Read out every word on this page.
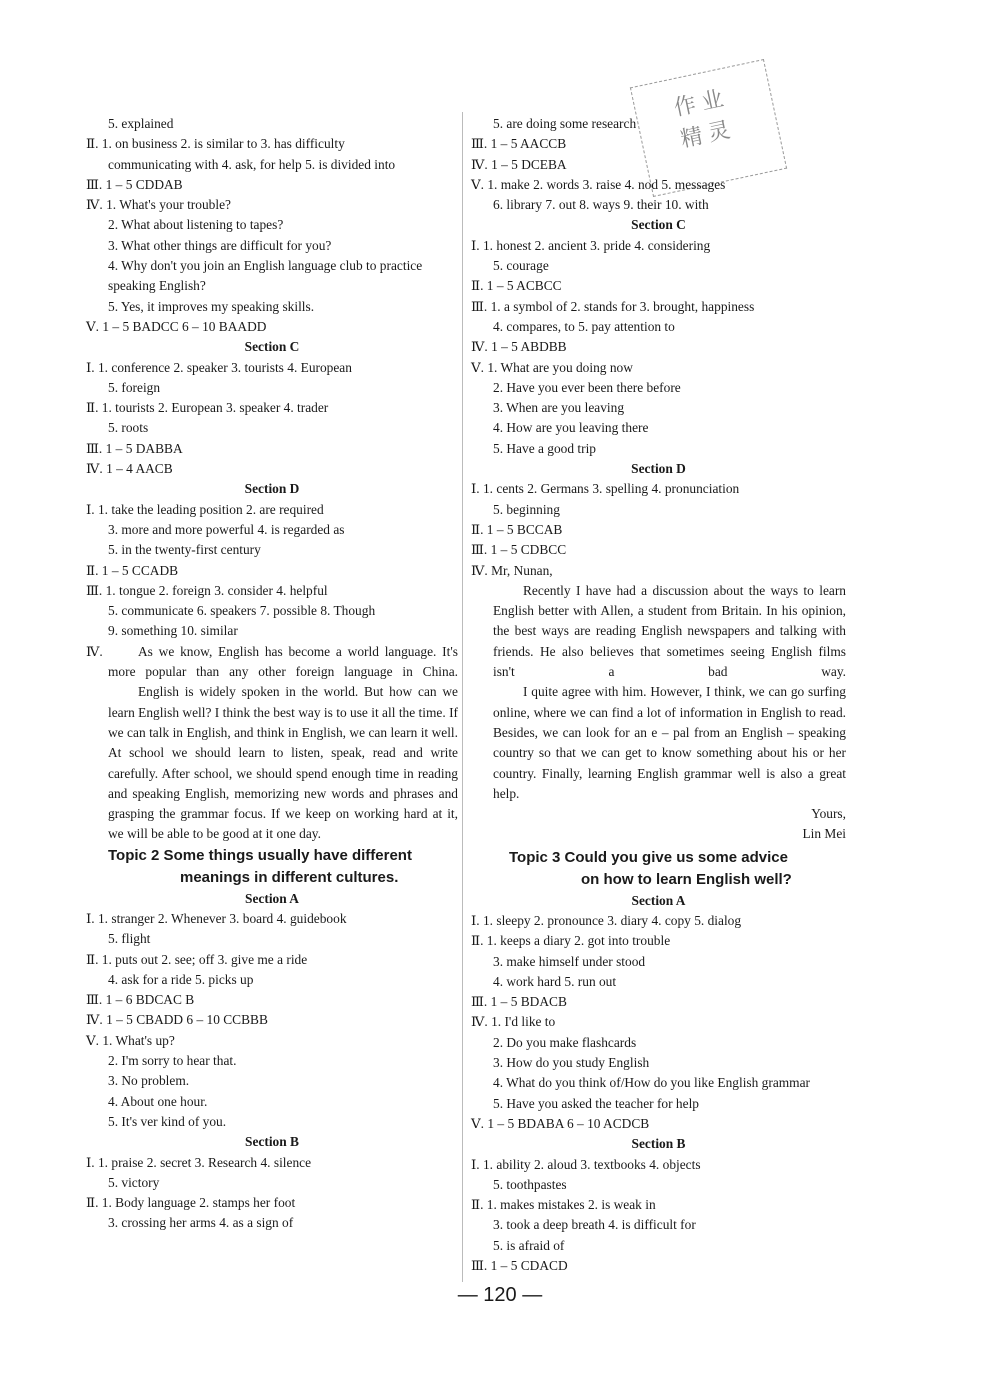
作业
精灵
5. explained
Ⅱ. 1. on business 2. is similar to 3. has difficulty
communicating with 4. ask, for help 5. is divided into
Ⅲ. 1 – 5 CDDAB
Ⅳ. 1. What's your trouble?
2. What about listening to tapes?
3. What other things are difficult for you?
4. Why don't you join an English language club to practice
speaking English?
5. Yes, it improves my speaking skills.
Ⅴ. 1 – 5 BADCC 6 – 10 BAADD
Section C
Ⅰ. 1. conference 2. speaker 3. tourists 4. European
5. foreign
Ⅱ. 1. tourists 2. European 3. speaker 4. trader
5. roots
Ⅲ. 1 – 5 DABBA
Ⅳ. 1 – 4 AACB
Section D
Ⅰ. 1. take the leading position 2. are required
3. more and more powerful 4. is regarded as
5. in the twenty-first century
Ⅱ. 1 – 5 CCADB
Ⅲ. 1. tongue 2. foreign 3. consider 4. helpful
5. communicate 6. speakers 7. possible 8. Though
9. something 10. similar
Ⅳ.	As we know, English has become a world language. It's more popular than any other foreign language in China.
English is widely spoken in the world. But how can we learn English well? I think the best way is to use it all the time. If we can talk in English, and think in English, we can learn it well. At school we should learn to listen, speak, read and write carefully. After school, we should spend enough time in reading and speaking English, memorizing new words and phrases and grasping the grammar focus. If we keep on working hard at it, we will be able to be good at it one day.
Topic 2 Some things usually have different
meanings in different cultures.
Section A
Ⅰ. 1. stranger 2. Whenever 3. board 4. guidebook
5. flight
Ⅱ. 1. puts out 2. see; off 3. give me a ride
4. ask for a ride 5. picks up
Ⅲ. 1 – 6 BDCAC B
Ⅳ. 1 – 5 CBADD 6 – 10 CCBBB
Ⅴ. 1. What's up?
2. I'm sorry to hear that.
3. No problem.
4. About one hour.
5. It's ver kind of you.
Section B
Ⅰ. 1. praise 2. secret 3. Research 4. silence
5. victory
Ⅱ. 1. Body language 2. stamps her foot
3. crossing her arms 4. as a sign of
5. are doing some research
Ⅲ. 1 – 5 AACCB
Ⅳ. 1 – 5 DCEBA
Ⅴ. 1. make 2. words 3. raise 4. nod 5. messages
6. library 7. out 8. ways 9. their 10. with
Section C
Ⅰ. 1. honest 2. ancient 3. pride 4. considering
5. courage
Ⅱ. 1 – 5 ACBCC
Ⅲ. 1. a symbol of 2. stands for 3. brought, happiness
4. compares, to 5. pay attention to
Ⅳ. 1 – 5 ABDBB
Ⅴ. 1. What are you doing now
2. Have you ever been there before
3. When are you leaving
4. How are you leaving there
5. Have a good trip
Section D
Ⅰ. 1. cents 2. Germans 3. spelling 4. pronunciation
5. beginning
Ⅱ. 1 – 5 BCCAB
Ⅲ. 1 – 5 CDBCC
Ⅳ. Mr, Nunan,
Recently I have had a discussion about the ways to learn English better with Allen, a student from Britain. In his opinion, the best ways are reading English newspapers and talking with friends. He also believes that sometimes seeing English films isn't a bad way.
I quite agree with him. However, I think, we can go surfing online, where we can find a lot of information in English to read. Besides, we can look for an e – pal from an English – speaking country so that we can get to know something about his or her country. Finally, learning English grammar well is also a great help.
Yours,
Lin Mei
Topic 3 Could you give us some advice
on how to learn English well?
Section A
Ⅰ. 1. sleepy 2. pronounce 3. diary 4. copy 5. dialog
Ⅱ. 1. keeps a diary 2. got into trouble
3. make himself under stood
4. work hard 5. run out
Ⅲ. 1 – 5 BDACB
Ⅳ. 1. I'd like to
2. Do you make flashcards
3. How do you study English
4. What do you think of/How do you like English grammar
5. Have you asked the teacher for help
Ⅴ. 1 – 5 BDABA 6 – 10 ACDCB
Section B
Ⅰ. 1. ability 2. aloud 3. textbooks 4. objects
5. toothpastes
Ⅱ. 1. makes mistakes 2. is weak in
3. took a deep breath 4. is difficult for
5. is afraid of
Ⅲ. 1 – 5 CDACD
— 120 —
